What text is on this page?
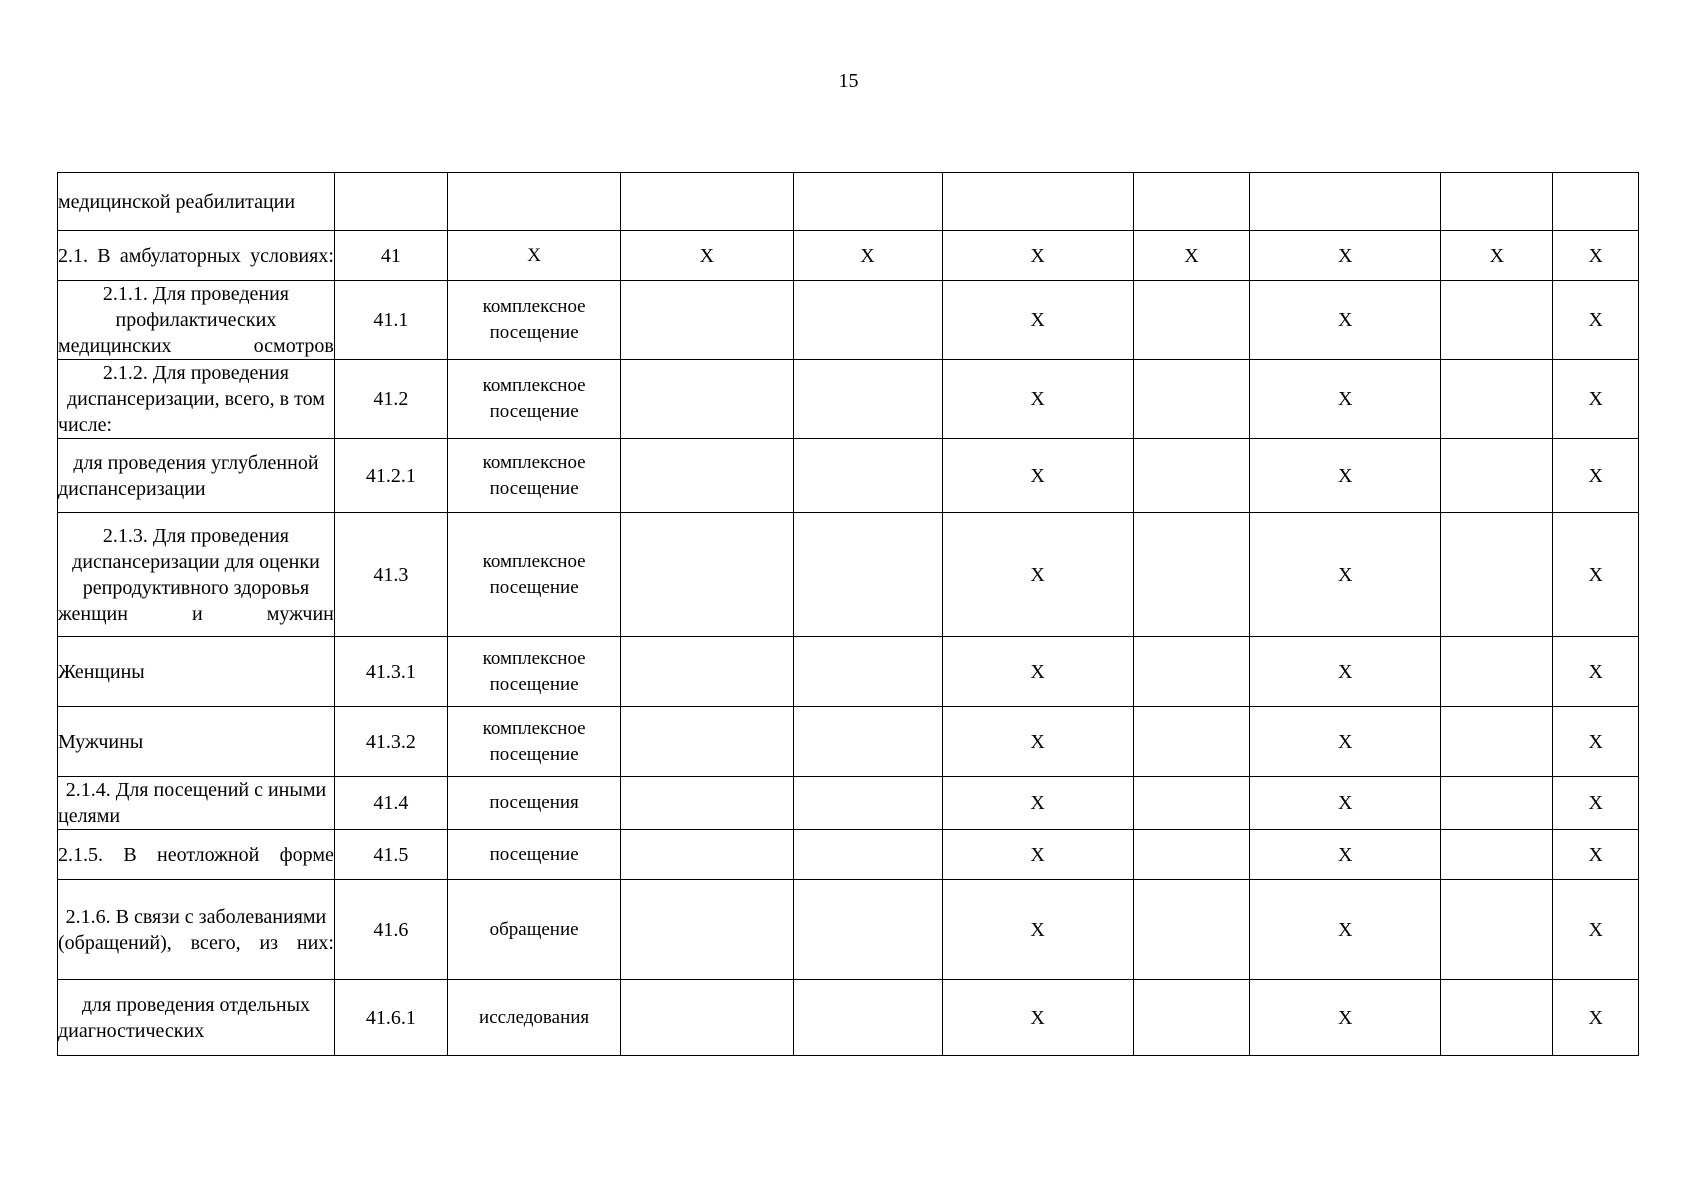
15
медицинской реабилитации									
2.1. В амбулаторных условиях:	41	Х	Х	Х	Х	Х	Х	Х	Х
2.1.1. Для проведения профилактических медицинских осмотров	41.1	комплексное посещение			Х		Х		Х
2.1.2. Для проведения диспансеризации, всего, в том числе:	41.2	комплексное посещение			Х		Х		Х
для проведения углубленной диспансеризации	41.2.1	комплексное посещение			Х		Х		Х
2.1.3. Для проведения диспансеризации для оценки репродуктивного здоровья женщин и мужчин	41.3	комплексное посещение			Х		Х		Х
Женщины	41.3.1	комплексное посещение			Х		Х		Х
Мужчины	41.3.2	комплексное посещение			Х		Х		Х
2.1.4. Для посещений с иными целями	41.4	посещения			Х		Х		Х
2.1.5. В неотложной форме	41.5	посещение			Х		Х		Х
2.1.6. В связи с заболеваниями (обращений), всего, из них:	41.6	обращение			Х		Х		Х
для проведения отдельных диагностических	41.6.1	исследования			Х		Х		Х
